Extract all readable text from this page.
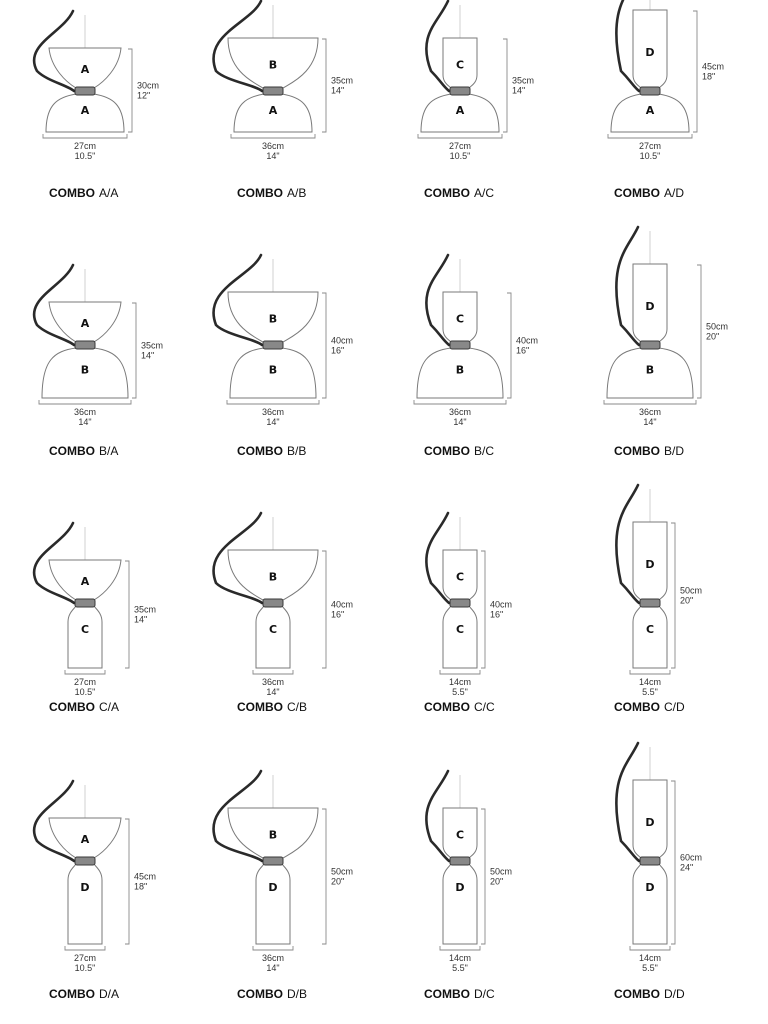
A
A
30cm
12"
27cm
10.5"
COMBO A/A
B
A
35cm
14"
36cm
14"
COMBO A/B
C
A
35cm
14"
27cm
10.5"
COMBO A/C
D
A
45cm
18"
27cm
10.5"
COMBO A/D
A
B
35cm
14"
36cm
14"
COMBO B/A
B
B
40cm
16"
36cm
14"
COMBO B/B
C
B
40cm
16"
36cm
14"
COMBO B/C
D
B
50cm
20"
36cm
14"
COMBO B/D
A
C
35cm
14"
27cm
10.5"
COMBO C/A
B
C
40cm
16"
36cm
14"
COMBO C/B
C
C
40cm
16"
14cm
5.5"
COMBO C/C
D
C
50cm
20"
14cm
5.5"
COMBO C/D
A
D
45cm
18"
27cm
10.5"
COMBO D/A
B
D
50cm
20"
36cm
14"
COMBO D/B
C
D
50cm
20"
14cm
5.5"
COMBO D/C
D
D
60cm
24"
14cm
5.5"
COMBO D/D
